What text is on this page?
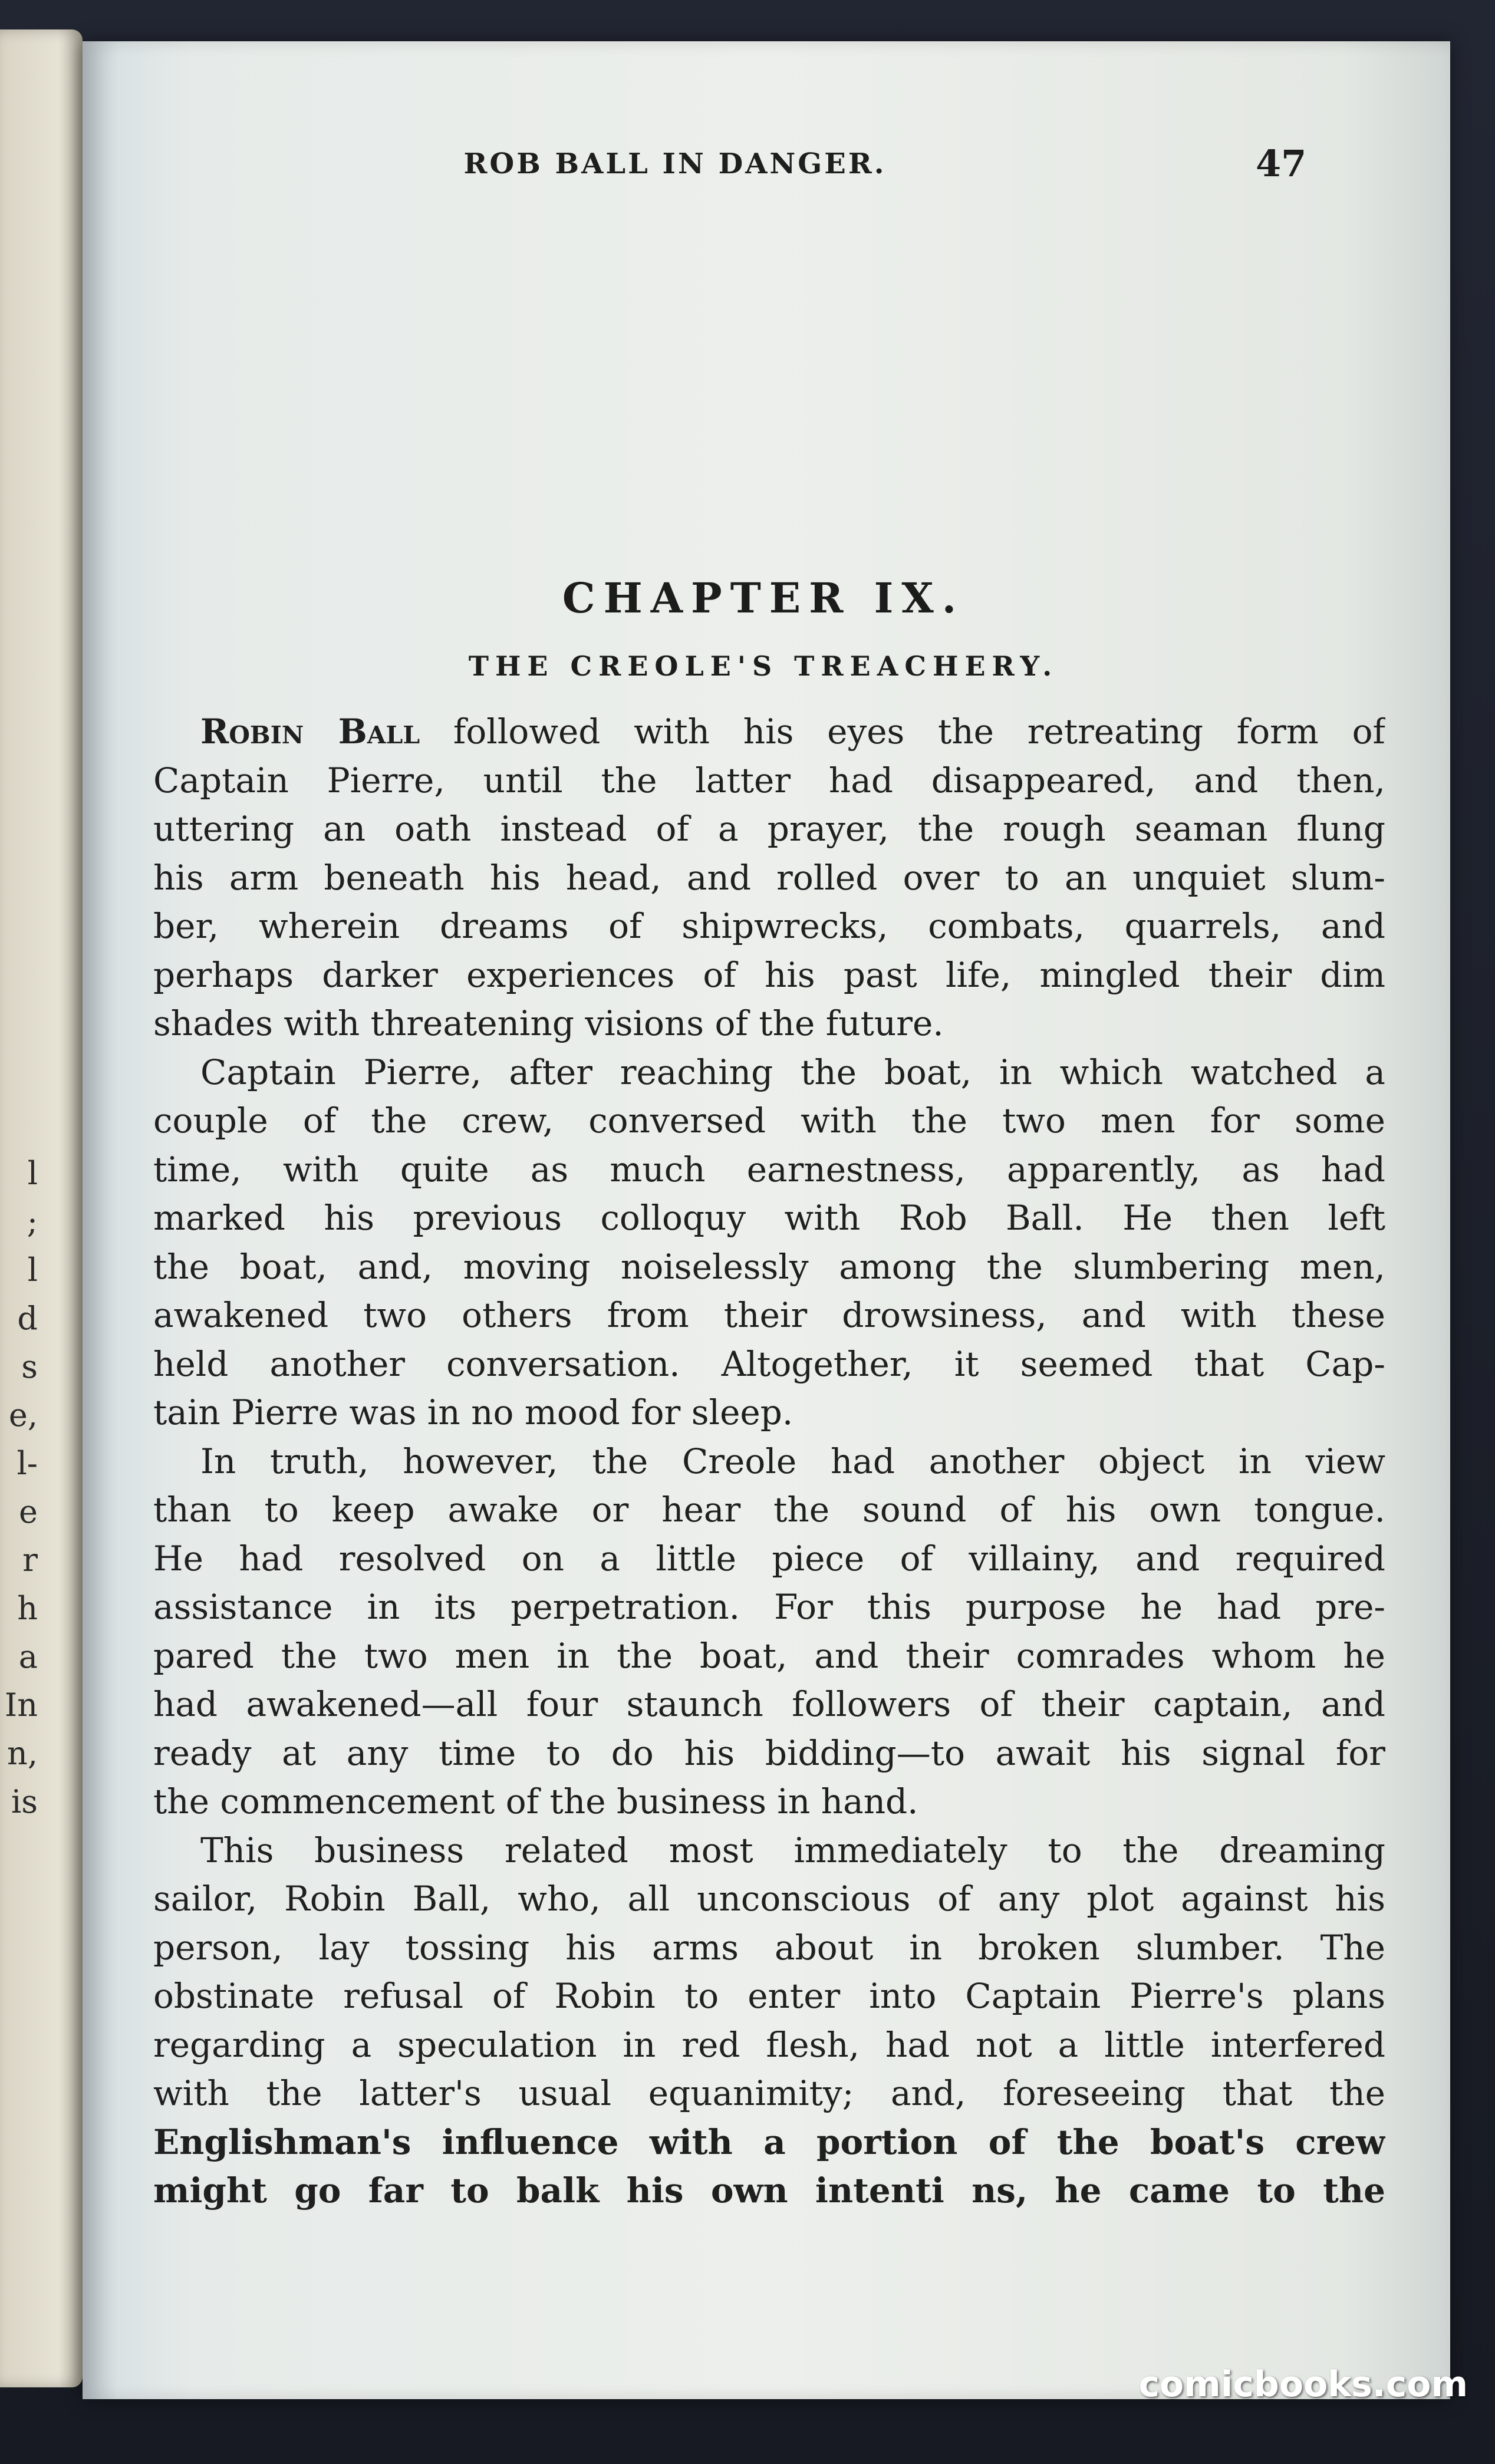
l
;
l
d
s
e,
l-
e
r
h
a
In
n,
is
ROB BALL IN DANGER.	47
CHAPTER IX.
THE CREOLE'S TREACHERY.
Robin Ball followed with his eyes the retreating form of
Captain Pierre, until the latter had disappeared, and then,
uttering an oath instead of a prayer, the rough seaman flung
his arm beneath his head, and rolled over to an unquiet slum-
ber, wherein dreams of shipwrecks, combats, quarrels, and
perhaps darker experiences of his past life, mingled their dim
shades with threatening visions of the future.
Captain Pierre, after reaching the boat, in which watched a
couple of the crew, conversed with the two men for some
time, with quite as much earnestness, apparently, as had
marked his previous colloquy with Rob Ball. He then left
the boat, and, moving noiselessly among the slumbering men,
awakened two others from their drowsiness, and with these
held another conversation. Altogether, it seemed that Cap-
tain Pierre was in no mood for sleep.
In truth, however, the Creole had another object in view
than to keep awake or hear the sound of his own tongue.
He had resolved on a little piece of villainy, and required
assistance in its perpetration. For this purpose he had pre-
pared the two men in the boat, and their comrades whom he
had awakened—all four staunch followers of their captain, and
ready at any time to do his bidding—to await his signal for
the commencement of the business in hand.
This business related most immediately to the dreaming
sailor, Robin Ball, who, all unconscious of any plot against his
person, lay tossing his arms about in broken slumber. The
obstinate refusal of Robin to enter into Captain Pierre's plans
regarding a speculation in red flesh, had not a little interfered
with the latter's usual equanimity; and, foreseeing that the
Englishman's influence with a portion of the boat's crew
might go far to balk his own intenti ns, he came to the
comicbooks.com
